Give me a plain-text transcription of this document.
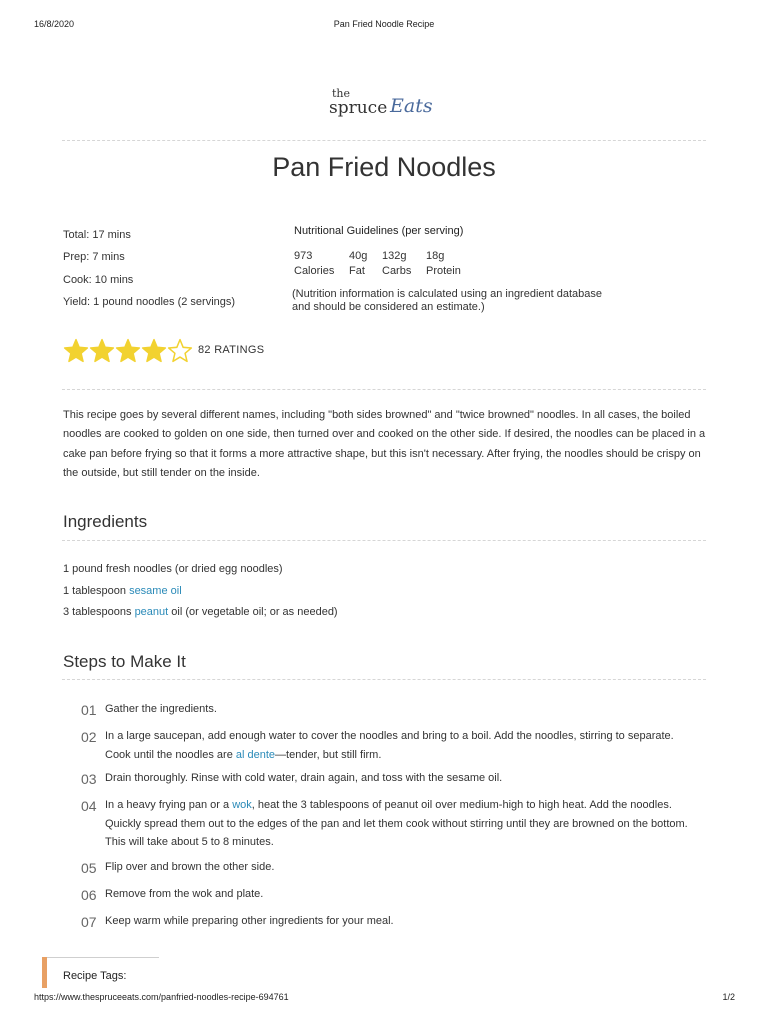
16/8/2020	Pan Fried Noodle Recipe
the
spruce Eats
Pan Fried Noodles
Total: 17 mins
Prep: 7 mins
Cook: 10 mins
Yield: 1 pound noodles (2 servings)
Nutritional Guidelines (per serving)
973
Calories
40g
Fat
132g
Carbs
18g
Protein
(Nutrition information is calculated using an ingredient database
and should be considered an estimate.)
82 RATINGS
This recipe goes by several different names, including "both sides browned" and "twice browned" noodles. In all cases, the boiled
noodles are cooked to golden on one side, then turned over and cooked on the other side. If desired, the noodles can be placed in a
cake pan before frying so that it forms a more attractive shape, but this isn't necessary. After frying, the noodles should be crispy on
the outside, but still tender on the inside.
Ingredients
1 pound fresh noodles (or dried egg noodles)
1 tablespoon sesame oil
3 tablespoons peanut oil (or vegetable oil; or as needed)
Steps to Make It
01 Gather the ingredients.
02 In a large saucepan, add enough water to cover the noodles and bring to a boil. Add the noodles, stirring to separate.
Cook until the noodles are al dente—tender, but still firm.
03 Drain thoroughly. Rinse with cold water, drain again, and toss with the sesame oil.
04 In a heavy frying pan or a wok, heat the 3 tablespoons of peanut oil over medium-high to high heat. Add the noodles.
Quickly spread them out to the edges of the pan and let them cook without stirring until they are browned on the bottom.
This will take about 5 to 8 minutes.
05 Flip over and brown the other side.
06 Remove from the wok and plate.
07 Keep warm while preparing other ingredients for your meal.
Recipe Tags:
https://www.thespruceeats.com/panfried-noodles-recipe-694761	1/2
